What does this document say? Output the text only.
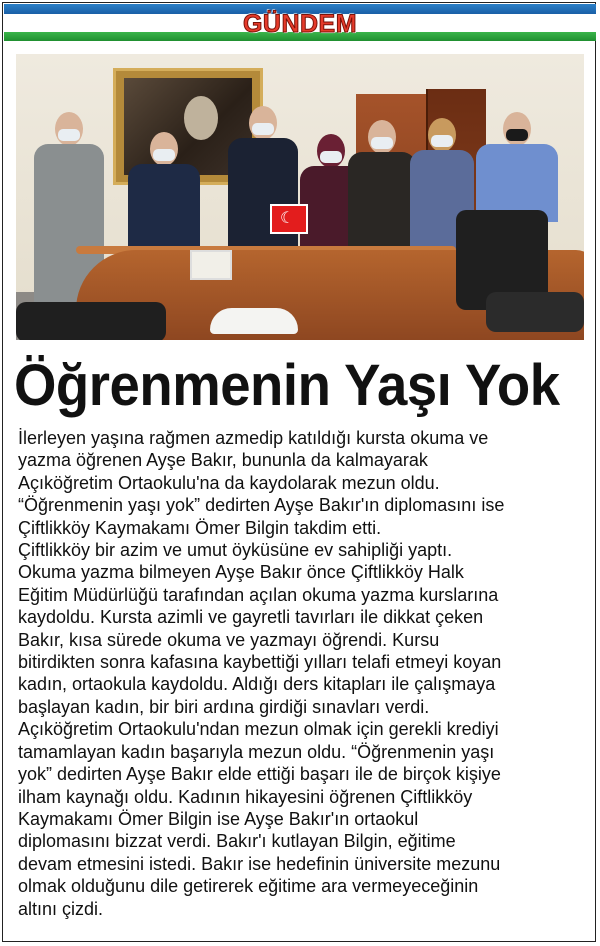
GÜNDEM
☾
Öğrenmenin Yaşı Yok
İlerleyen yaşına rağmen azmedip katıldığı kursta okuma ve
yazma öğrenen Ayşe Bakır, bununla da kalmayarak
Açıköğretim Ortaokulu'na da kaydolarak mezun oldu.
“Öğrenmenin yaşı yok” dedirten Ayşe Bakır'ın diplomasını ise
Çiftlikköy Kaymakamı Ömer Bilgin takdim etti.
Çiftlikköy bir azim ve umut öyküsüne ev sahipliği yaptı.
Okuma yazma bilmeyen Ayşe Bakır önce Çiftlikköy Halk
Eğitim Müdürlüğü tarafından açılan okuma yazma kurslarına
kaydoldu. Kursta azimli ve gayretli tavırları ile dikkat çeken
Bakır, kısa sürede okuma ve yazmayı öğrendi. Kursu
bitirdikten sonra kafasına kaybettiği yılları telafi etmeyi koyan
kadın, ortaokula kaydoldu. Aldığı ders kitapları ile çalışmaya
başlayan kadın, bir biri ardına girdiği sınavları verdi.
Açıköğretim Ortaokulu'ndan mezun olmak için gerekli krediyi
tamamlayan kadın başarıyla mezun oldu. “Öğrenmenin yaşı
yok” dedirten Ayşe Bakır elde ettiği başarı ile de birçok kişiye
ilham kaynağı oldu. Kadının hikayesini öğrenen Çiftlikköy
Kaymakamı Ömer Bilgin ise Ayşe Bakır'ın ortaokul
diplomasını bizzat verdi. Bakır'ı kutlayan Bilgin, eğitime
devam etmesini istedi. Bakır ise hedefinin üniversite mezunu
olmak olduğunu dile getirerek eğitime ara vermeyeceğinin
altını çizdi.
